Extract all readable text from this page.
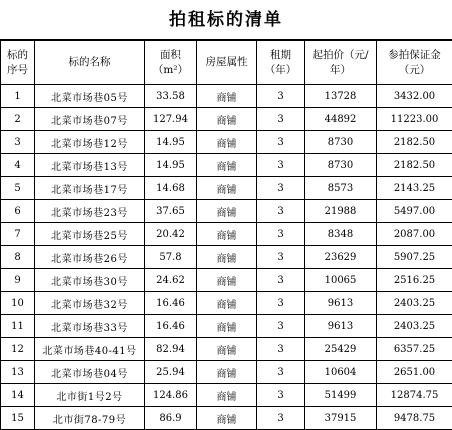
拍租标的清单
标的序号	标的名称	面积（m²）	房屋属性	租期（年）	起拍价（元/年）	参拍保证金（元）
1	北菜市场巷05号	33.58	商铺	3	13728	3432.00
2	北菜市场巷07号	127.94	商铺	3	44892	11223.00
3	北菜市场巷12号	14.95	商铺	3	8730	2182.50
4	北菜市场巷13号	14.95	商铺	3	8730	2182.50
5	北菜市场巷17号	14.68	商铺	3	8573	2143.25
6	北菜市场巷23号	37.65	商铺	3	21988	5497.00
7	北菜市场巷25号	20.42	商铺	3	8348	2087.00
8	北菜市场巷26号	57.8	商铺	3	23629	5907.25
9	北菜市场巷30号	24.62	商铺	3	10065	2516.25
10	北菜市场巷32号	16.46	商铺	3	9613	2403.25
11	北菜市场巷33号	16.46	商铺	3	9613	2403.25
12	北菜市场巷40-41号	82.94	商铺	3	25429	6357.25
13	北菜市场巷04号	25.94	商铺	3	10604	2651.00
14	北市街1号2号	124.86	商铺	3	51499	12874.75
15	北市街78-79号	86.9	商铺	3	37915	9478.75
